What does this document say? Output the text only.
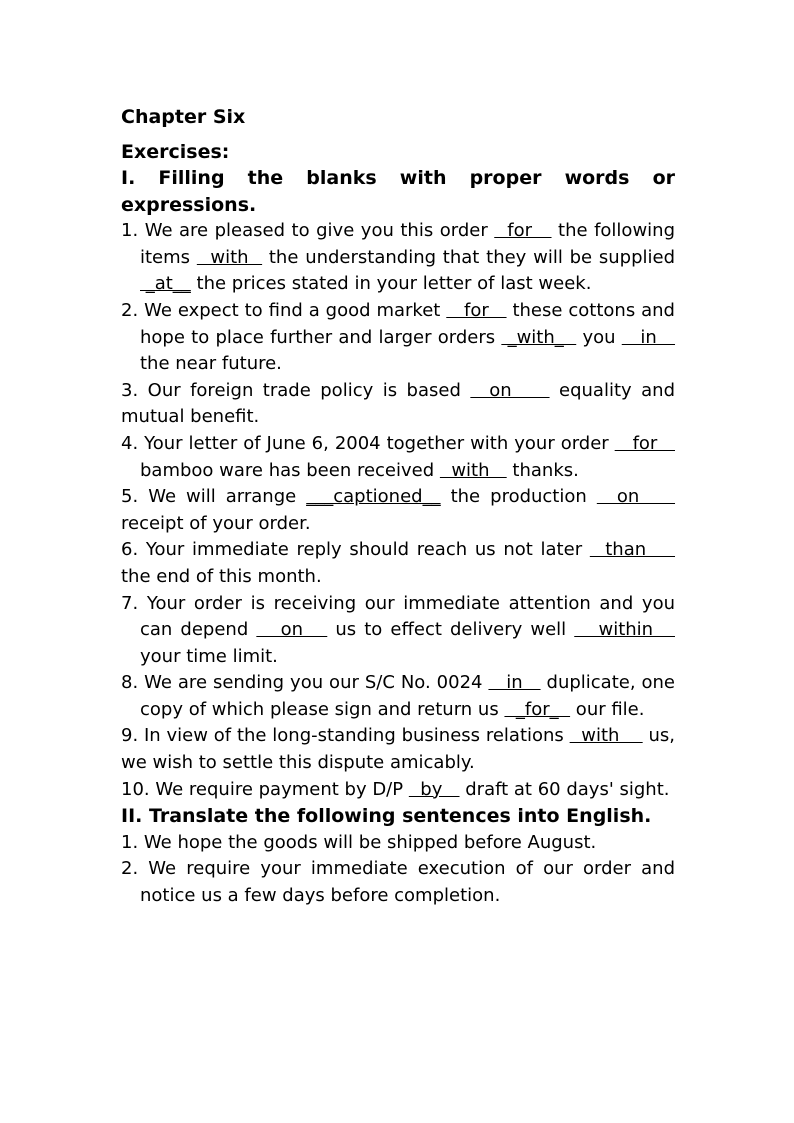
Chapter Six

Exercises:

I. Filling the blanks with proper words or expressions.

1. We are pleased to give you this order   for    the following items   with   the understanding that they will be supplied  _at__ the prices stated in your letter of last week.

2. We expect to find a good market    for    these cottons and hope to place further and larger orders  _with_   you    in    the near future.

3. Our foreign trade policy is based   on     equality and mutual benefit.

4. Your letter of June 6, 2004 together with your order    for    bamboo ware has been received   with    thanks.

5. We will arrange ___captioned__ the production   on     receipt of your order.

6. Your immediate reply should reach us not later   than     the end of this month.

7. Your order is receiving our immediate attention and you can depend    on    us to effect delivery well    within    your time limit.

8. We are sending you our S/C No. 0024    in    duplicate, one copy of which please sign and return us   _for_   our file.

9. In view of the long-standing business relations   with     us, we wish to settle this dispute amicably.

10. We require payment by D/P   by    draft at 60 days' sight.

II. Translate the following sentences into English.

1. We hope the goods will be shipped before August.

2. We require your immediate execution of our order and notice us a few days before completion.
